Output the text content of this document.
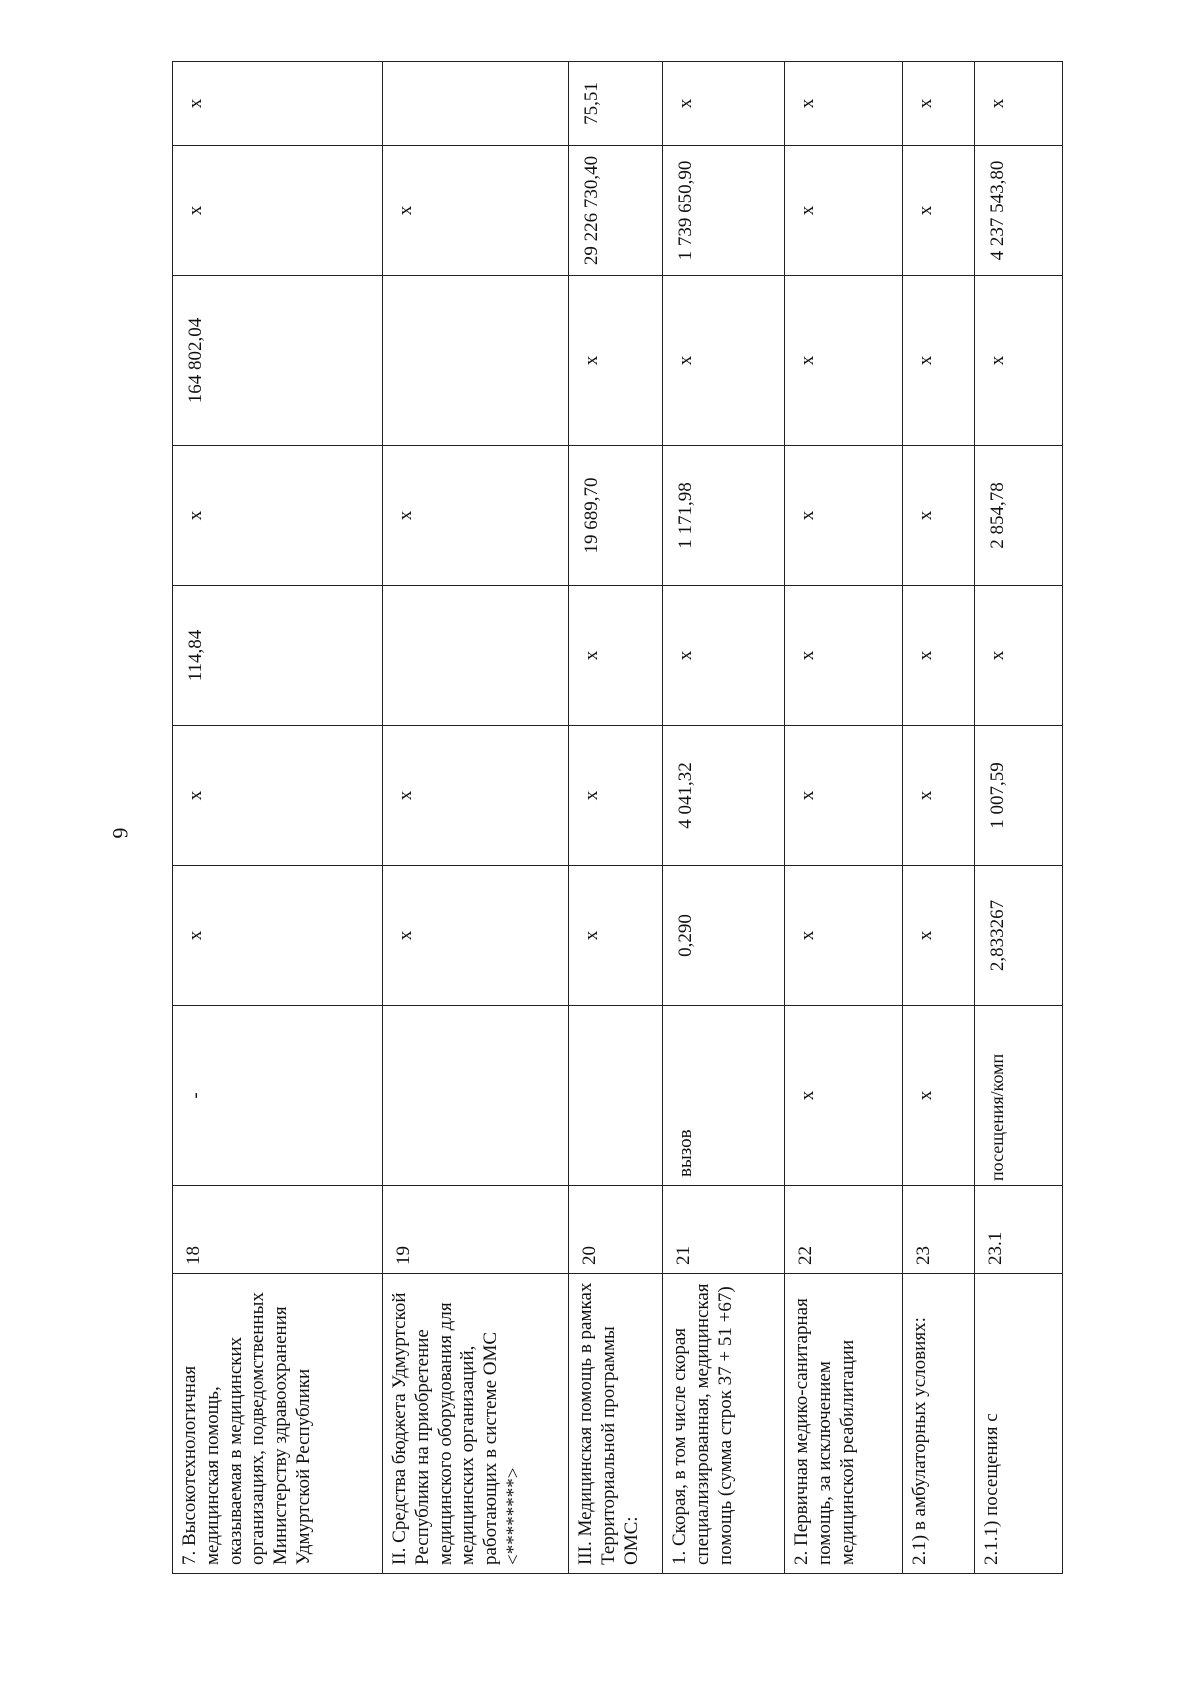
6
7. Высокотехнологичная медицинская помощь, оказываемая в медицинских организациях, подведомственных Министерству здравоохранения Удмуртской Республики	18	-	x	x	114,84	x	164 802,04	x	x
II. Средства бюджета Удмуртской Республики на приобретение медицинского оборудования для медицинских организаций, работающих в системе ОМС <********>	19		x	x		x		x	
III. Медицинская помощь в рамках Территориальной программы ОМС:	20		x	x	x	19 689,70	x	29 226 730,40	75,51
1. Скорая, в том числе скорая специализированная, медицинская помощь (сумма строк 37 + 51 +67)	21	вызов	0,290	4 041,32	x	1 171,98	x	1 739 650,90	x
2. Первичная медико-санитарная помощь, за исключением медицинской реабилитации	22	x	x	x	x	x	x	x	x
2.1) в амбулаторных условиях:	23	x	x	x	x	x	x	x	x
2.1.1) посещения с	23.1	посещения/комп	2,833267	1 007,59	x	2 854,78	x	4 237 543,80	x
